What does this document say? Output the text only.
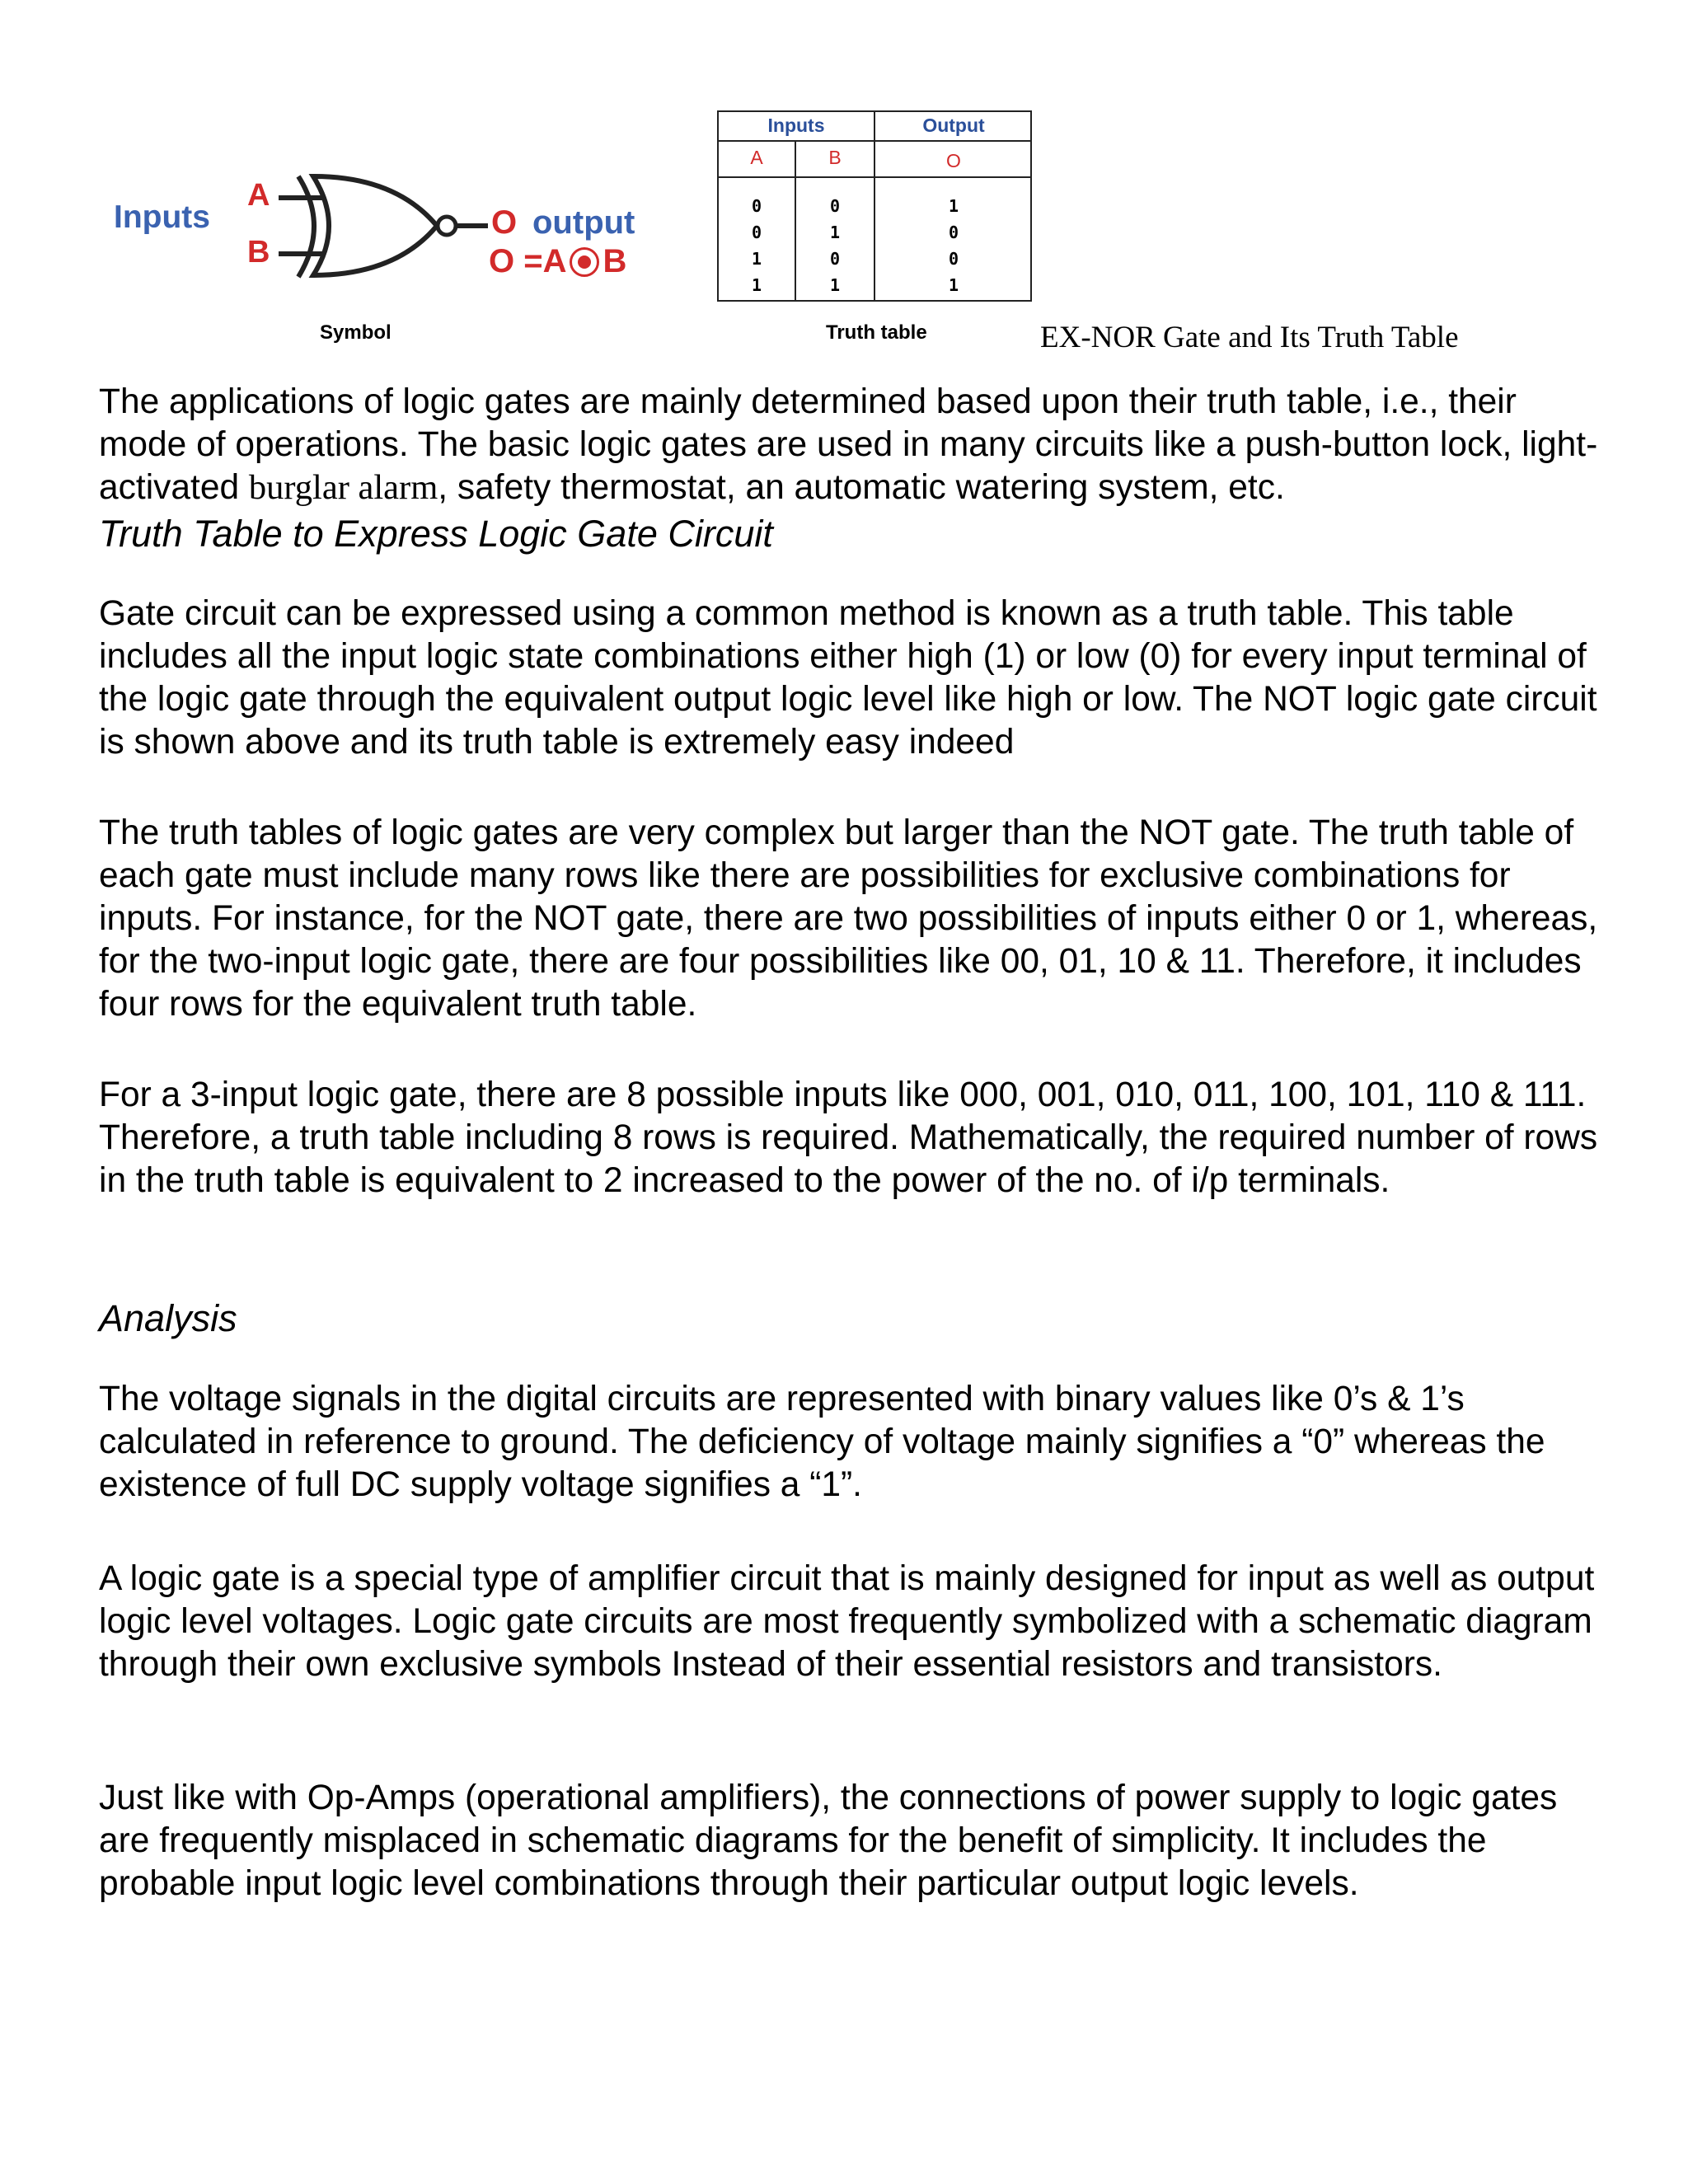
Inputs
A
B
O output
O =A B
Symbol
Inputs	Output
A	B	O
0	0	1
0	1	0
1	0	0
1	1	1
Truth table	EX-NOR Gate and Its Truth Table

The applications of logic gates are mainly determined based upon their truth table, i.e., their mode of operations. The basic logic gates are used in many circuits like a push-button lock, light-activated burglar alarm, safety thermostat, an automatic watering system, etc.

Truth Table to Express Logic Gate Circuit

Gate circuit can be expressed using a common method is known as a truth table. This table includes all the input logic state combinations either high (1) or low (0) for every input terminal of the logic gate through the equivalent output logic level like high or low. The NOT logic gate circuit is shown above and its truth table is extremely easy indeed

The truth tables of logic gates are very complex but larger than the NOT gate. The truth table of each gate must include many rows like there are possibilities for exclusive combinations for inputs. For instance, for the NOT gate, there are two possibilities of inputs either 0 or 1, whereas, for the two-input logic gate, there are four possibilities like 00, 01, 10 & 11. Therefore, it includes four rows for the equivalent truth table.

For a 3-input logic gate, there are 8 possible inputs like 000, 001, 010, 011, 100, 101, 110 & 111. Therefore, a truth table including 8 rows is required. Mathematically, the required number of rows in the truth table is equivalent to 2 increased to the power of the no. of i/p terminals.

Analysis

The voltage signals in the digital circuits are represented with binary values like 0’s & 1’s calculated in reference to ground. The deficiency of voltage mainly signifies a “0” whereas the existence of full DC supply voltage signifies a “1”.

A logic gate is a special type of amplifier circuit that is mainly designed for input as well as output logic level voltages. Logic gate circuits are most frequently symbolized with a schematic diagram through their own exclusive symbols Instead of their essential resistors and transistors.

Just like with Op-Amps (operational amplifiers), the connections of power supply to logic gates are frequently misplaced in schematic diagrams for the benefit of simplicity. It includes the probable input logic level combinations through their particular output logic levels.
